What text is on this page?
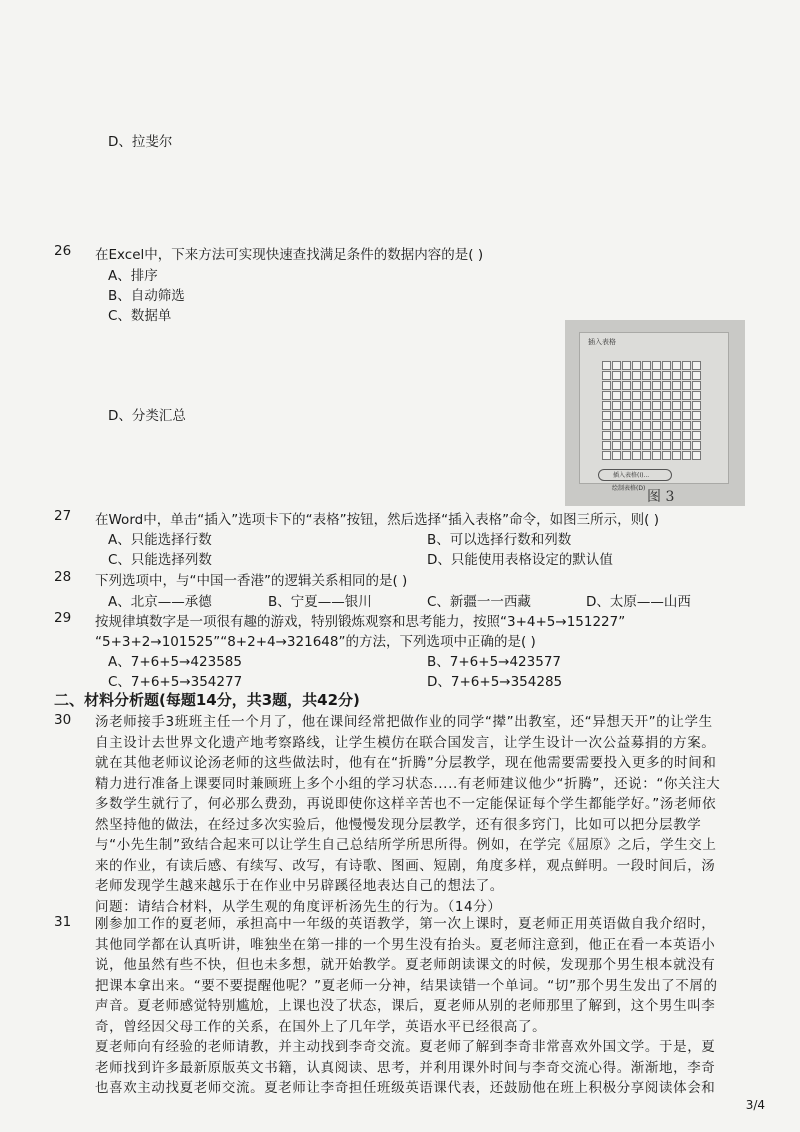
D、拉斐尔
26 在Excel中，下来方法可实现快速查找满足条件的数据内容的是( )
A、排序
B、自动筛选
C、数据单
D、分类汇总
插入表格
插入表格(I)...
绘制表格(D)
图 3
27 在Word中，单击“插入”选项卡下的“表格”按钮，然后选择“插入表格”命令，如图三所示，则( )
A、只能选择行数	B、可以选择行数和列数
C、只能选择列数	D、只能使用表格设定的默认值
28 下列选项中，与“中国一香港”的逻辑关系相同的是( )
A、北京——承德	B、宁夏——银川	C、新疆一一西藏	D、太原——山西
29 按规律填数字是一项很有趣的游戏，特别锻炼观察和思考能力，按照“3+4+5→151227”
“5+3+2→101525”“8+2+4→321648”的方法，下列选项中正确的是( )
A、7+6+5→423585	B、7+6+5→423577
C、7+6+5→354277	D、7+6+5→354285
二、材料分析题(每题14分，共3题，共42分)
30 汤老师接手3班班主任一个月了，他在课间经常把做作业的同学“撵”出教室，还“异想天开”的让学生自主设计去世界文化遗产地考察路线，让学生模仿在联合国发言，让学生设计一次公益募捐的方案。就在其他老师议论汤老师的这些做法时，他有在“折腾”分层教学，现在他需要需要投入更多的时间和精力进行准备上课要同时兼顾班上多个小组的学习状态.....有老师建议他少“折腾”，还说：“你关注大多数学生就行了，何必那么费劲，再说即使你这样辛苦也不一定能保证每个学生都能学好。”汤老师依然坚持他的做法，在经过多次实验后，他慢慢发现分层教学，还有很多窍门，比如可以把分层教学与“小先生制”致结合起来可以让学生自己总结所学所思所得。例如，在学完《屈原》之后，学生交上来的作业，有读后感、有续写、改写，有诗歌、图画、短剧，角度多样，观点鲜明。一段时间后，汤老师发现学生越来越乐于在作业中另辟蹊径地表达自己的想法了。

问题：请结合材料，从学生观的角度评析汤先生的行为。（14分）

31 刚参加工作的夏老师，承担高中一年级的英语教学，第一次上课时，夏老师正用英语做自我介绍时，其他同学都在认真听讲，唯独坐在第一排的一个男生没有抬头。夏老师注意到，他正在看一本英语小说，他虽然有些不快，但也未多想，就开始教学。夏老师朗读课文的时候，发现那个男生根本就没有把课本拿出来。“要不要提醒他呢？”夏老师一分神，结果读错一个单词。“切”那个男生发出了不屑的声音。夏老师感觉特别尴尬，上课也没了状态，课后，夏老师从别的老师那里了解到，这个男生叫李奇，曾经因父母工作的关系，在国外上了几年学，英语水平已经很高了。

夏老师向有经验的老师请教，并主动找到李奇交流。夏老师了解到李奇非常喜欢外国文学。于是，夏老师找到许多最新原版英文书籍，认真阅读、思考，并利用课外时间与李奇交流心得。渐渐地，李奇也喜欢主动找夏老师交流。夏老师让李奇担任班级英语课代表，还鼓励他在班上积极分享阅读体会和

3/4
